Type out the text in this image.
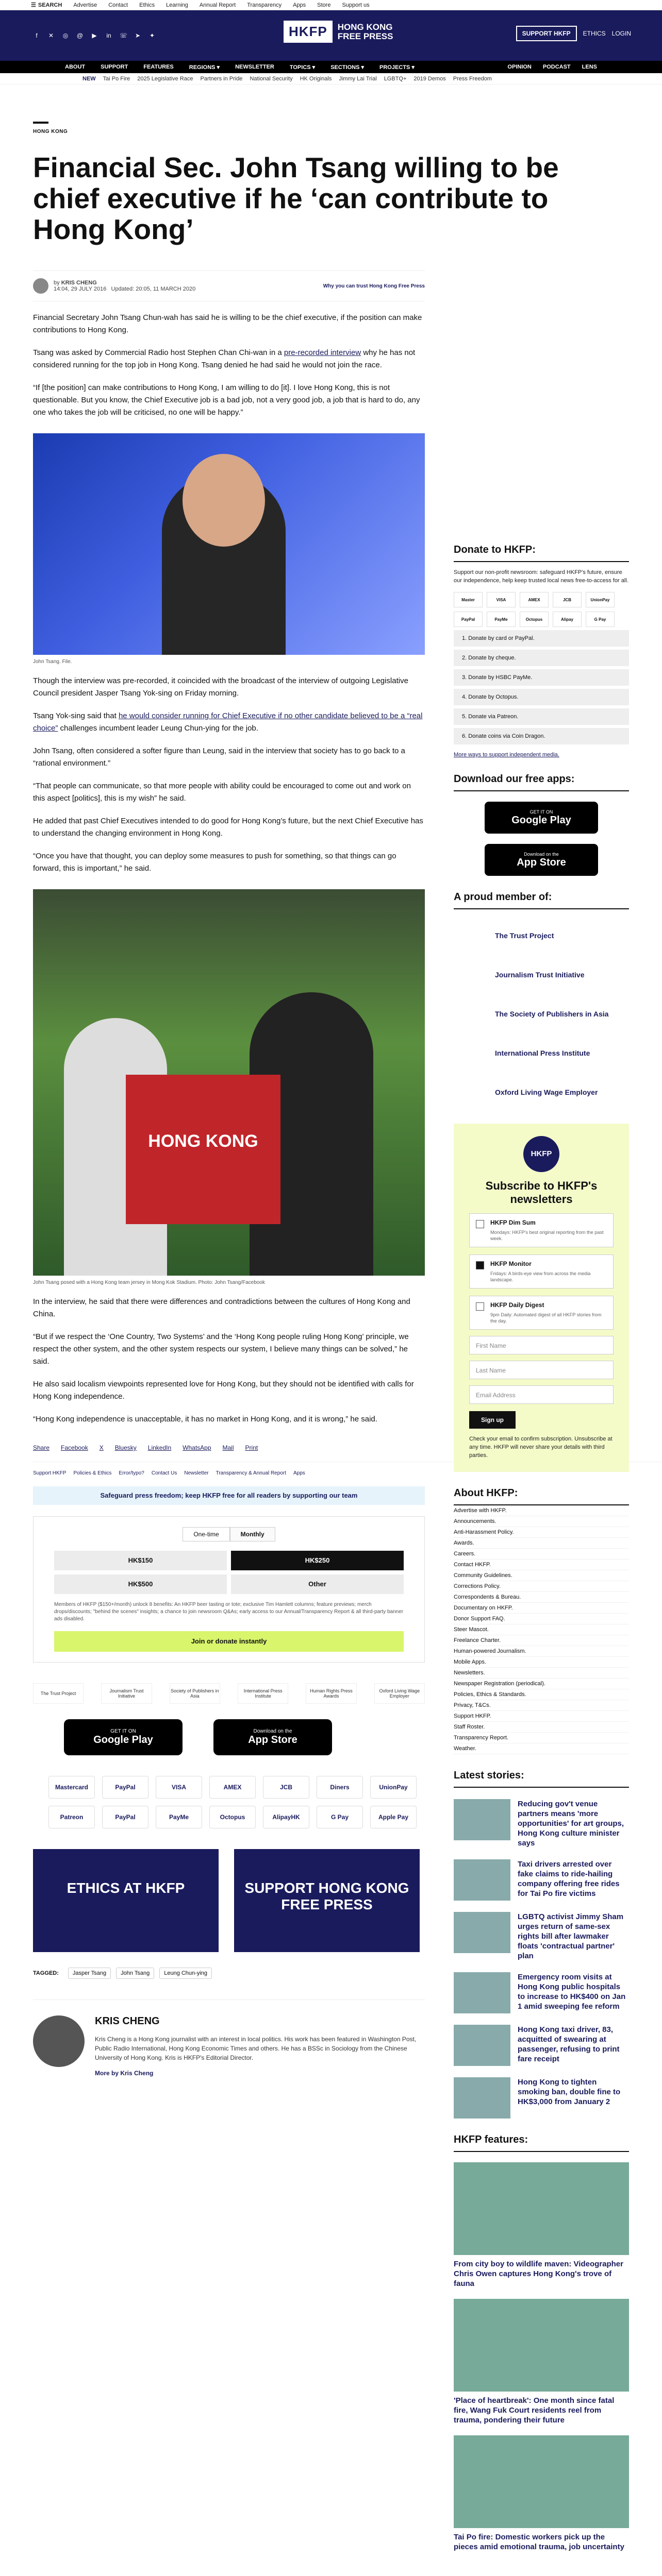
☰ SEARCH Advertise Contact Ethics Learning Annual Report Transparency Apps Store Support us
f	✕ ◎ @ ▶ in ☏ ➤ ✦	HKFP	HONG KONG
FREE PRESS	SUPPORT HKFP	ETHICS LOGIN
ABOUT	SUPPORT	FEATURES	REGIONS ▾	NEWSLETTER	TOPICS ▾	SECTIONS ▾	PROJECTS ▾	OPINION PODCAST LENS
NEW Tai Po Fire 2025 Legislative Race Partners in Pride National Security HK Originals Jimmy Lai Trial LGBTQ+ 2019 Demos Press Freedom
HONG KONG
Financial Sec. John Tsang willing to be chief executive if he ‘can contribute to Hong Kong’
by KRIS CHENG
14:04, 29 JULY 2016 Updated: 20:05, 11 MARCH 2020	Why you can trust Hong Kong Free Press

Financial Secretary John Tsang Chun-wah has said he is willing to be the chief executive, if the position can make contributions to Hong Kong.

Tsang was asked by Commercial Radio host Stephen Chan Chi-wan in a pre-recorded interview why he has not considered running for the top job in Hong Kong. Tsang denied he had said he would not join the race.

“If [the position] can make contributions to Hong Kong, I am willing to do [it]. I love Hong Kong, this is not questionable. But you know, the Chief Executive job is a bad job, not a very good job, a job that is hard to do, any one who takes the job will be criticised, no one will be happy.”

John Tsang. File.

Though the interview was pre-recorded, it coincided with the broadcast of the interview of outgoing Legislative Council president Jasper Tsang Yok-sing on Friday morning.

Tsang Yok-sing said that he would consider running for Chief Executive if no other candidate believed to be a “real choice” challenges incumbent leader Leung Chun-ying for the job.

John Tsang, often considered a softer figure than Leung, said in the interview that society has to go back to a “rational environment.”

“That people can communicate, so that more people with ability could be encouraged to come out and work on this aspect [politics], this is my wish” he said.

He added that past Chief Executives intended to do good for Hong Kong’s future, but the next Chief Executive has to understand the changing environment in Hong Kong.

“Once you have that thought, you can deploy some measures to push for something, so that things can go forward, this is important,” he said.

HONG KONG
John Tsang posed with a Hong Kong team jersey in Mong Kok Stadium. Photo: John Tsang/Facebook

In the interview, he said that there were differences and contradictions between the cultures of Hong Kong and China.

“But if we respect the ‘One Country, Two Systems’ and the ‘Hong Kong people ruling Hong Kong’ principle, we respect the other system, and the other system respects our system, I believe many things can be solved,” he said.

He also said localism viewpoints represented love for Hong Kong, but they should not be identified with calls for Hong Kong independence.

“Hong Kong independence is unacceptable, it has no market in Hong Kong, and it is wrong,” he said.

Share Facebook X Bluesky LinkedIn WhatsApp Mail Print
Support HKFP Policies & Ethics Error/typo? Contact Us Newsletter Transparency & Annual Report Apps
Safeguard press freedom; keep HKFP free for all readers by supporting our team
One-time	Monthly
HK$150	HK$250
HK$500	Other
Members of HKFP ($150+/month) unlock 8 benefits: An HKFP beer tasting or tote; exclusive Tim Hamlett columns; feature previews; merch drops/discounts; "behind the scenes" insights; a chance to join newsroom Q&As; early access to our Annual/Transparency Report & all third-party banner ads disabled.
Join or donate instantly
The Trust Project	Journalism Trust Initiative
Society of Publishers in Asia
International Press Institute
Human Rights Press Awards
Oxford Living Wage Employer
GET IT ON
Google Play
Download on the
App Store
Mastercard	PayPal	VISA	AMEX	JCB	Diners	UnionPay
Patreon	PayPal	PayMe	Octopus	AlipayHK	G Pay	Apple Pay
ETHICS AT HKFP	SUPPORT HONG KONG FREE PRESS
TAGGED:	Jasper Tsang	John Tsang	Leung Chun-ying
KRIS CHENG

Kris Cheng is a Hong Kong journalist with an interest in local politics. His work has been featured in Washington Post, Public Radio International, Hong Kong Economic Times and others. He has a BSSc in Sociology from the Chinese University of Hong Kong. Kris is HKFP's Editorial Director.

More by Kris Cheng
Donate to HKFP:
Support our non-profit newsroom: safeguard HKFP's future, ensure our independence, help keep trusted local news free-to-access for all.
Master	VISA	AMEX	JCB	UnionPay
PayPal	PayMe	Octopus	Alipay	G Pay
1. Donate by card or PayPal.
2. Donate by cheque.
3. Donate by HSBC PayMe.
4. Donate by Octopus.
5. Donate via Patreon.
6. Donate coins via Coin Dragon.
More ways to support independent media.
Download our free apps:
GET IT ON
Google Play
Download on the
App Store
A proud member of:
The Trust Project
Journalism Trust Initiative
The Society of Publishers in Asia
International Press Institute
Oxford Living Wage Employer
HKFP
Subscribe to HKFP's newsletters
HKFP Dim Sum
Mondays: HKFP's best original reporting from the past week.
HKFP Monitor
Fridays: A birds-eye view from across the media landscape.
HKFP Daily Digest
9pm Daily: Automated digest of all HKFP stories from the day.
First Name
Last Name
Email Address
Sign up
Check your email to confirm subscription. Unsubscribe at any time. HKFP will never share your details with third parties.
About HKFP:
Advertise with HKFP.
Announcements.
Anti-Harassment Policy.
Awards.
Careers.
Contact HKFP.
Community Guidelines.
Corrections Policy.
Correspondents & Bureau.
Documentary on HKFP.
Donor Support FAQ.
Steer Mascot.
Freelance Charter.
Human-powered Journalism.
Mobile Apps.
Newsletters.
Newspaper Registration (periodical).
Policies, Ethics & Standards.
Privacy, T&Cs.
Support HKFP.
Staff Roster.
Transparency Report.
Weather.
Latest stories:
Reducing gov't venue partners means 'more opportunities' for art groups, Hong Kong culture minister says
Taxi drivers arrested over fake claims to ride-hailing company offering free rides for Tai Po fire victims
LGBTQ activist Jimmy Sham urges return of same-sex rights bill after lawmaker floats 'contractual partner' plan
Emergency room visits at Hong Kong public hospitals to increase to HK$400 on Jan 1 amid sweeping fee reform
Hong Kong taxi driver, 83, acquitted of swearing at passenger, refusing to print fare receipt
Hong Kong to tighten smoking ban, double fine to HK$3,000 from January 2
HKFP features:
From city boy to wildlife maven: Videographer Chris Owen captures Hong Kong's trove of fauna
'Place of heartbreak': One month since fatal fire, Wang Fuk Court residents reel from trauma, pondering their future
Tai Po fire: Domestic workers pick up the pieces amid emotional trauma, job uncertainty
